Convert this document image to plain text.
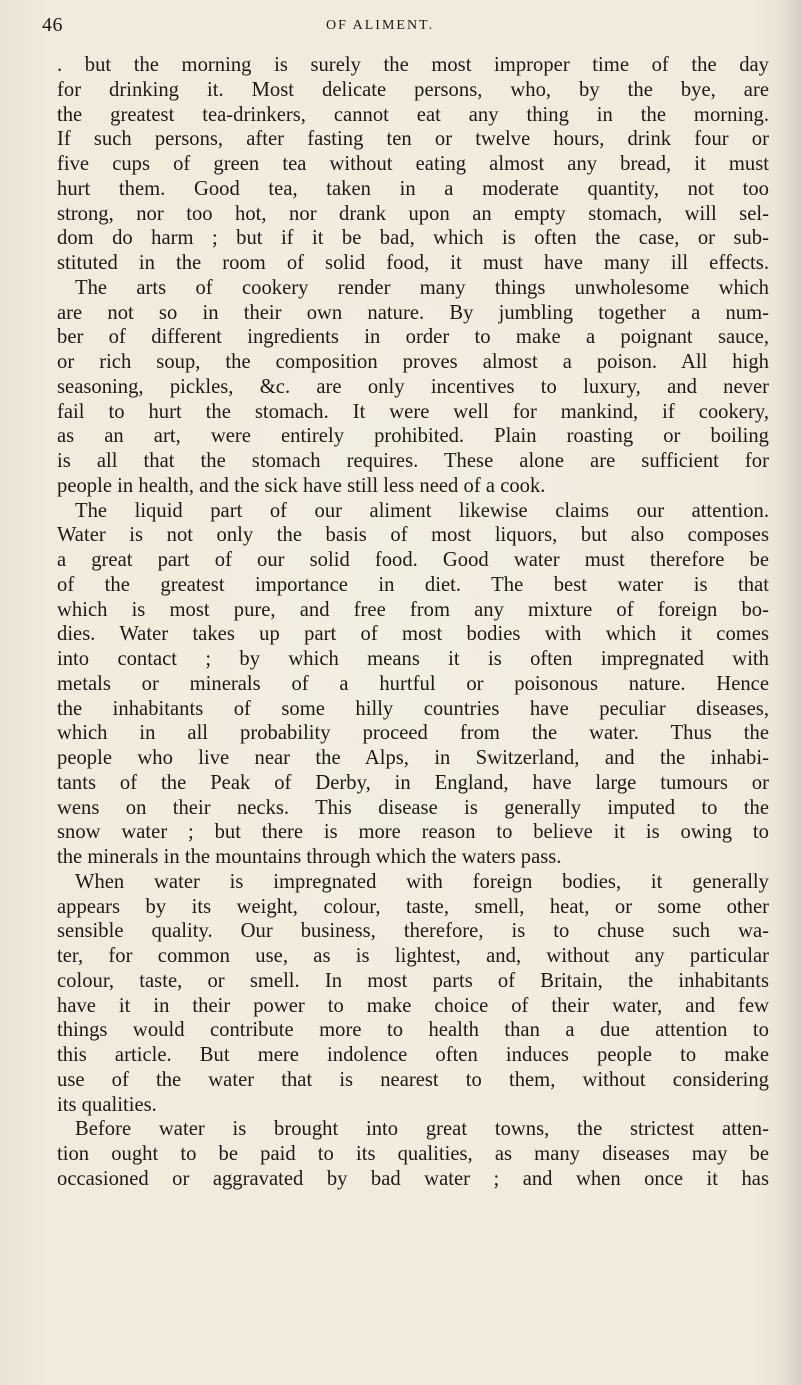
46	OF ALIMENT.
. but the morning is surely the most improper time of the day
for drinking it. Most delicate persons, who, by the bye, are
the greatest tea-drinkers, cannot eat any thing in the morning.
If such persons, after fasting ten or twelve hours, drink four or
five cups of green tea without eating almost any bread, it must
hurt them. Good tea, taken in a moderate quantity, not too
strong, nor too hot, nor drank upon an empty stomach, will sel-
dom do harm ; but if it be bad, which is often the case, or sub-
stituted in the room of solid food, it must have many ill effects.
The arts of cookery render many things unwholesome which
are not so in their own nature. By jumbling together a num-
ber of different ingredients in order to make a poignant sauce,
or rich soup, the composition proves almost a poison. All high
seasoning, pickles, &c. are only incentives to luxury, and never
fail to hurt the stomach. It were well for mankind, if cookery,
as an art, were entirely prohibited. Plain roasting or boiling
is all that the stomach requires. These alone are sufficient for
people in health, and the sick have still less need of a cook.
The liquid part of our aliment likewise claims our attention.
Water is not only the basis of most liquors, but also composes
a great part of our solid food. Good water must therefore be
of the greatest importance in diet. The best water is that
which is most pure, and free from any mixture of foreign bo-
dies. Water takes up part of most bodies with which it comes
into contact ; by which means it is often impregnated with
metals or minerals of a hurtful or poisonous nature. Hence
the inhabitants of some hilly countries have peculiar diseases,
which in all probability proceed from the water. Thus the
people who live near the Alps, in Switzerland, and the inhabi-
tants of the Peak of Derby, in England, have large tumours or
wens on their necks. This disease is generally imputed to the
snow water ; but there is more reason to believe it is owing to
the minerals in the mountains through which the waters pass.
When water is impregnated with foreign bodies, it generally
appears by its weight, colour, taste, smell, heat, or some other
sensible quality. Our business, therefore, is to chuse such wa-
ter, for common use, as is lightest, and, without any particular
colour, taste, or smell. In most parts of Britain, the inhabitants
have it in their power to make choice of their water, and few
things would contribute more to health than a due attention to
this article. But mere indolence often induces people to make
use of the water that is nearest to them, without considering
its qualities.
Before water is brought into great towns, the strictest atten-
tion ought to be paid to its qualities, as many diseases may be
occasioned or aggravated by bad water ; and when once it has
